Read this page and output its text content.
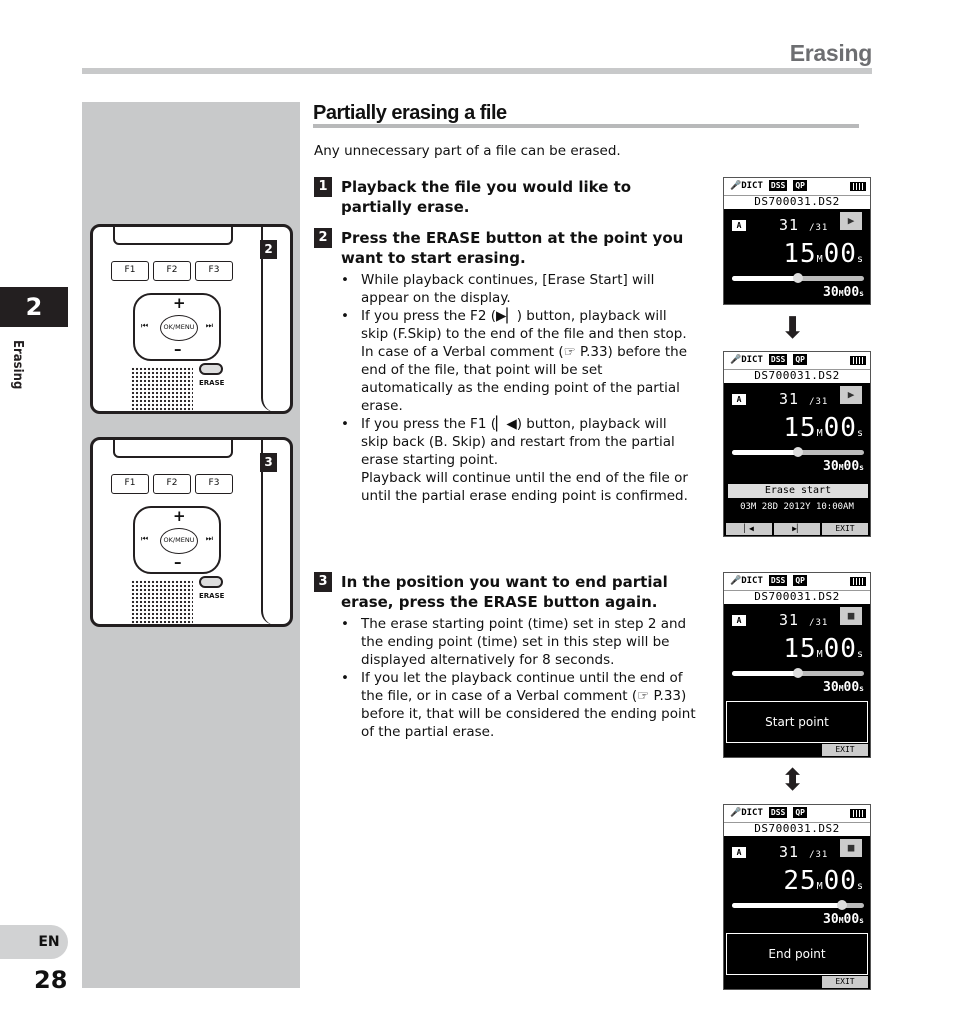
Erasing
2
Erasing
EN
28
F1	F2	F3
+
⏮	OK/MENU	⏭
–
ERASE
2
F1	F2	F3
+
⏮	OK/MENU	⏭
–
ERASE
3
Partially erasing a file
Any unnecessary part of a file can be erased.
1 Playback the file you would like to partially erase.
2 Press the ERASE button at the point you want to start erasing.
• While playback continues, [Erase Start] will appear on the display.
• If you press the F2 (▶▏) button, playback will skip (F.Skip) to the end of the file and then stop. In case of a Verbal comment (☞ P.33) before the end of the file, that point will be set automatically as the ending point of the partial erase.
• If you press the F1 (▏◀) button, playback will skip back (B. Skip) and restart from the partial erase starting point.
Playback will continue until the end of the file or until the partial erase ending point is confirmed.
3 In the position you want to end partial erase, press the ERASE button again.
• The erase starting point (time) set in step 2 and the ending point (time) set in this step will be displayed alternatively for 8 seconds.
• If you let the playback continue until the end of the file, or in case of a Verbal comment (☞ P.33) before it, that will be considered the ending point of the partial erase.
🎤DICT DSS QP
DS700031.DS2
A	31 /31
▶
15M00s
30M00s
⬇
🎤DICT DSS QP
DS700031.DS2
A	31 /31
▶
15M00s
30M00s
Erase start
03M 28D 2012Y 10:00AM
▏◀	▶▏	EXIT
🎤DICT DSS QP
DS700031.DS2
A	31 /31
■
15M00s
30M00s
Start point
EXIT
⬍
🎤DICT DSS QP
DS700031.DS2
A	31 /31
■
25M00s
30M00s
End point
EXIT
